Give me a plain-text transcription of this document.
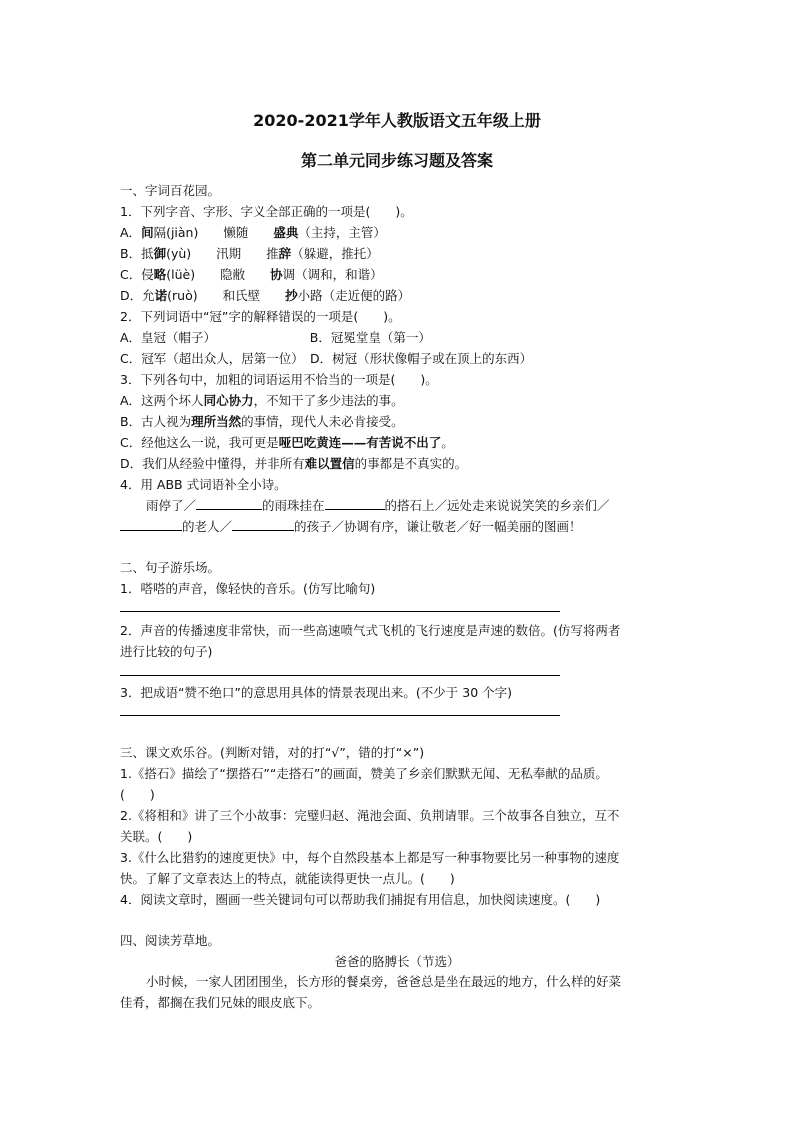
2020-2021学年人教版语文五年级上册
第二单元同步练习题及答案
一、字词百花园。
1．下列字音、字形、字义全部正确的一项是(　　)。
A．间隔(jiàn)　　懒随　　盛典（主持，主管）
B．抵御(yù)　　汛期　　推辞（躲避，推托）
C．侵略(lüè)　　隐敝　　协调（调和，和谐）
D．允诺(ruò)　　和氏壁　　抄小路（走近便的路）
2．下列词语中“冠”字的解释错误的一项是(　　)。
A．皇冠（帽子）　　　　　　　　B．冠冕堂皇（第一）
C．冠军（超出众人，居第一位）　D．树冠（形状像帽子或在顶上的东西）
3．下列各句中，加粗的词语运用不恰当的一项是(　　)。
A．这两个坏人同心协力，不知干了多少违法的事。
B．古人视为理所当然的事情，现代人未必肯接受。
C．经他这么一说，我可更是哑巴吃黄连——有苦说不出了。
D．我们从经验中懂得，并非所有难以置信的事都是不真实的。
4．用 ABB 式词语补全小诗。
雨停了／	的雨珠挂在	的搭石上／远处走来说说笑笑的乡亲们／
的老人／	的孩子／协调有序，谦让敬老／好一幅美丽的图画！
二、句子游乐场。
1．嗒嗒的声音，像轻快的音乐。(仿写比喻句)
2．声音的传播速度非常快，而一些高速喷气式飞机的飞行速度是声速的数倍。(仿写将两者
进行比较的句子)
3．把成语“赞不绝口”的意思用具体的情景表现出来。(不少于 30 个字)
三、课文欢乐谷。(判断对错，对的打“√”，错的打“×”)
1.《搭石》描绘了“摆搭石”“走搭石”的画面，赞美了乡亲们默默无闻、无私奉献的品质。
(　　)
2.《将相和》讲了三个小故事：完璧归赵、渑池会面、负荆请罪。三个故事各自独立，互不
关联。(　　)
3.《什么比猎豹的速度更快》中，每个自然段基本上都是写一种事物要比另一种事物的速度
快。了解了文章表达上的特点，就能读得更快一点儿。(　　)
4．阅读文章时，圈画一些关键词句可以帮助我们捕捉有用信息，加快阅读速度。(　　)
四、阅读芳草地。
爸爸的胳膊长（节选）
小时候，一家人团团围坐，长方形的餐桌旁，爸爸总是坐在最远的地方，什么样的好菜
佳肴，都搁在我们兄妹的眼皮底下。
